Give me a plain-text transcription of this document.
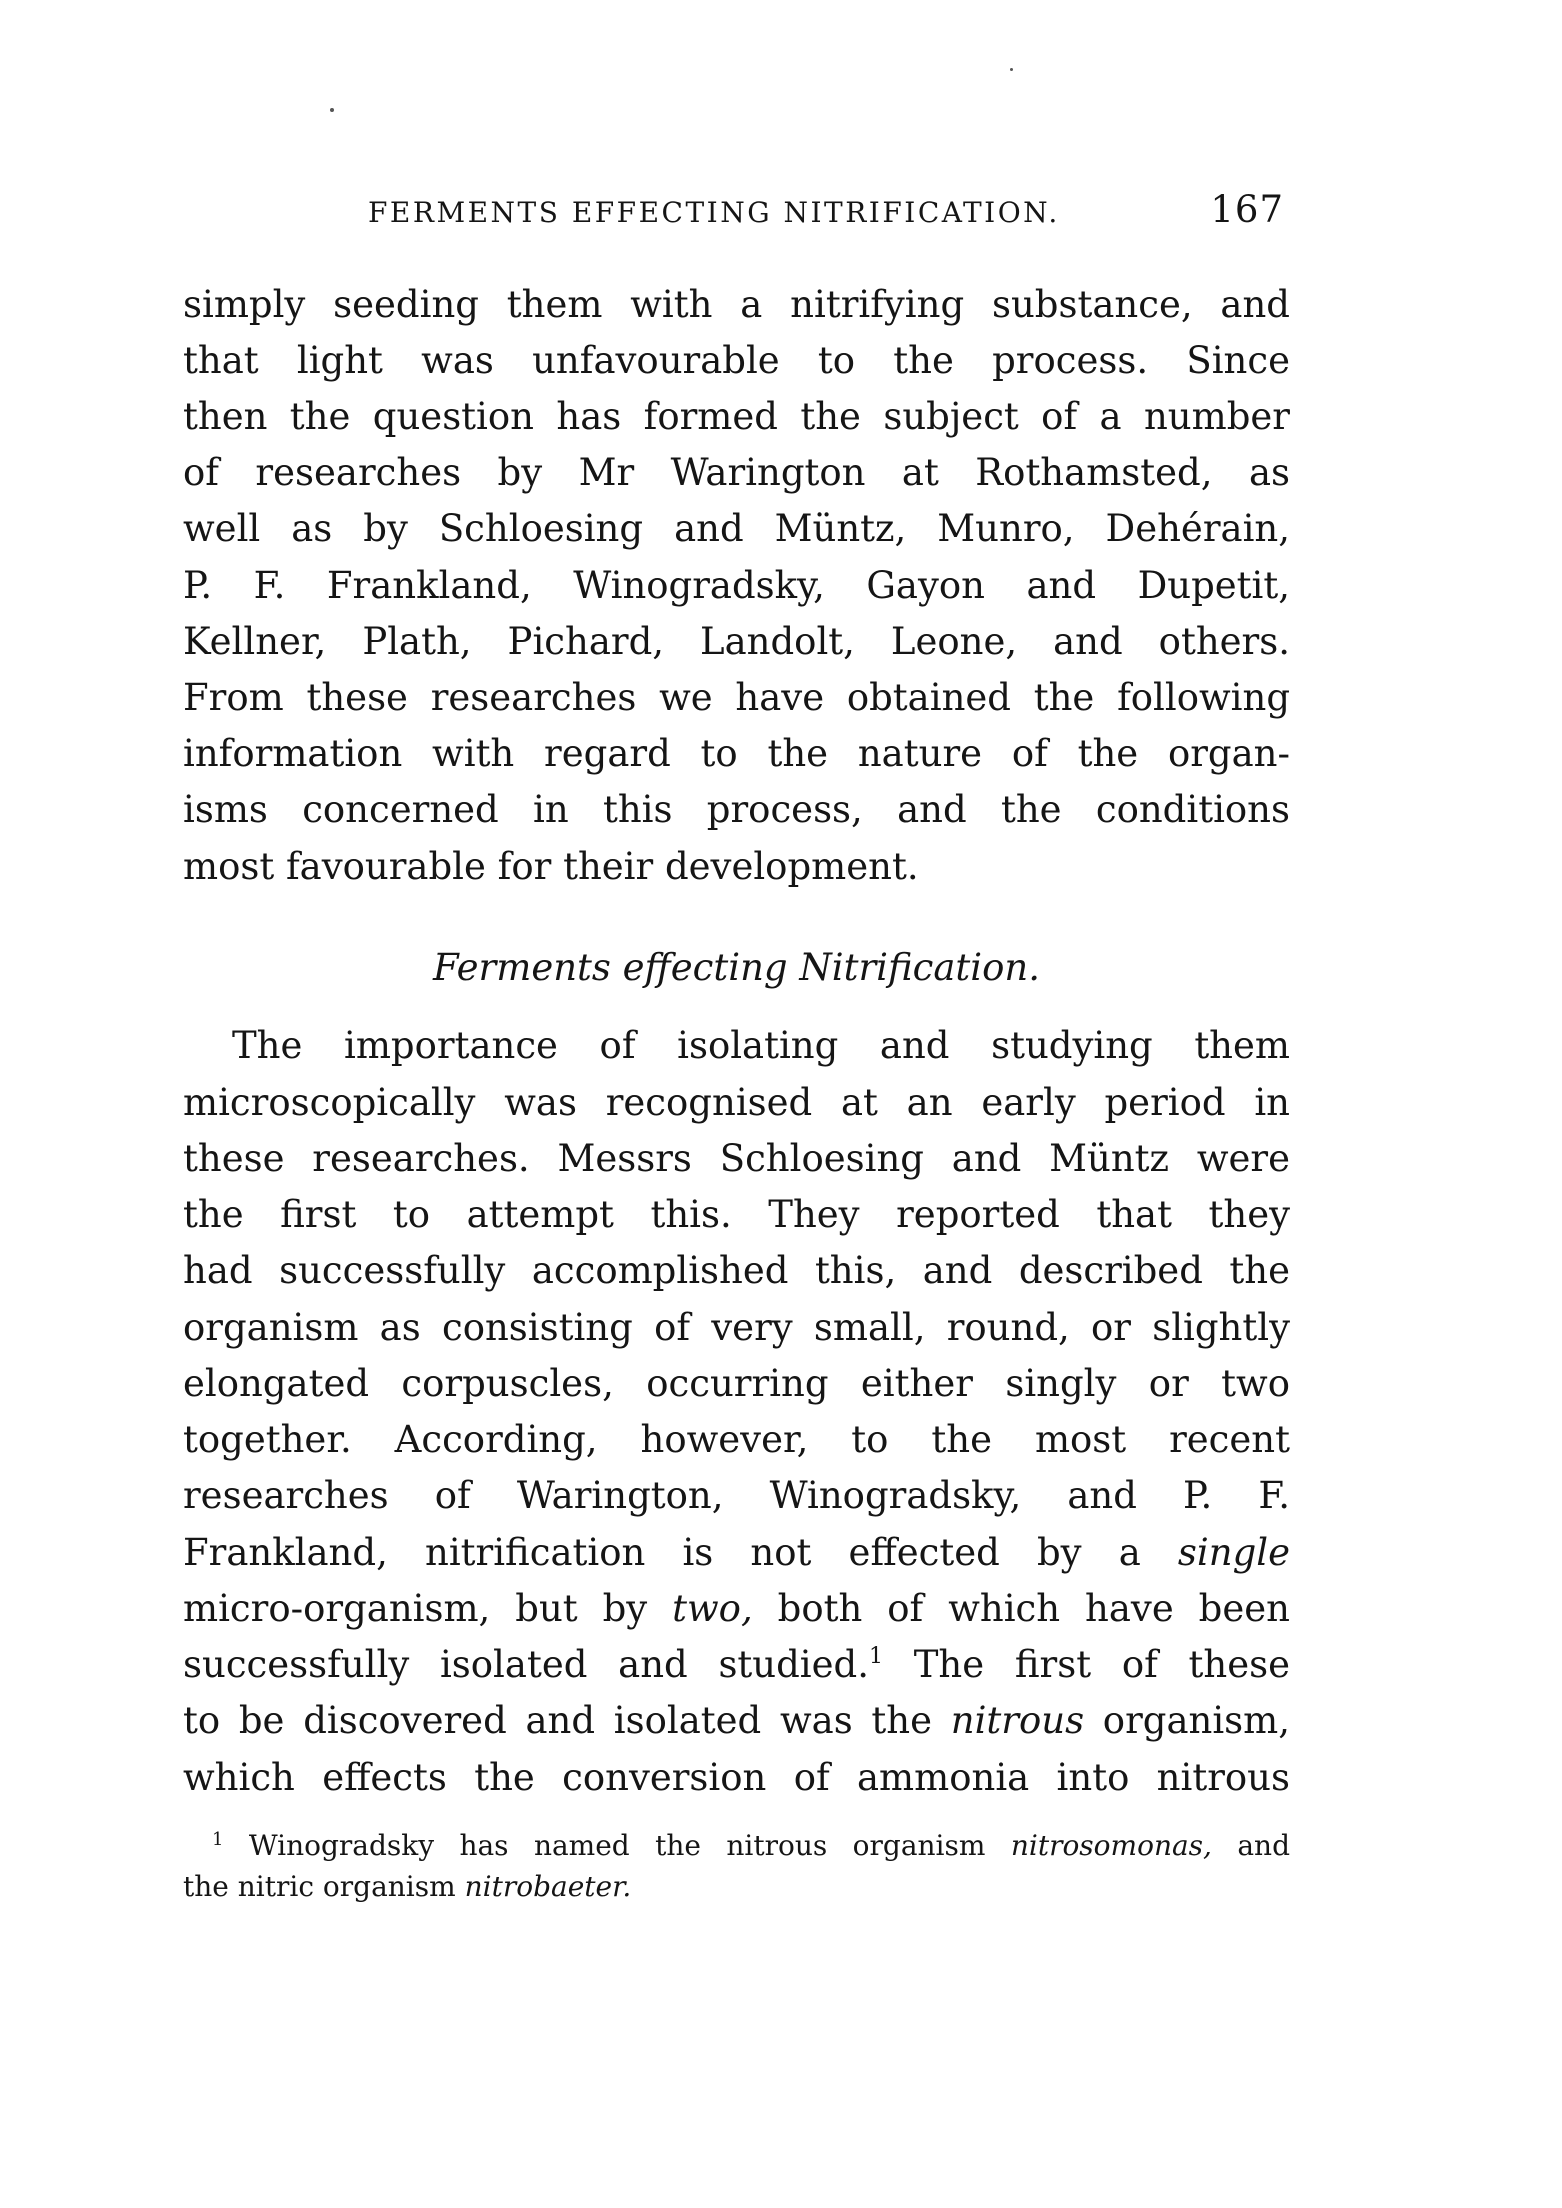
FERMENTS EFFECTING NITRIFICATION.	167
simply seeding them with a nitrifying substance, and
that light was unfavourable to the process. Since
then the question has formed the subject of a number
of researches by Mr Warington at Rothamsted, as
well as by Schloesing and Müntz, Munro, Dehérain,
P. F. Frankland, Winogradsky, Gayon and Dupetit,
Kellner, Plath, Pichard, Landolt, Leone, and others.
From these researches we have obtained the following
information with regard to the nature of the organ-
isms concerned in this process, and the conditions
most favourable for their development.
Ferments effecting Nitrification.
The importance of isolating and studying them
microscopically was recognised at an early period in
these researches. Messrs Schloesing and Müntz were
the first to attempt this. They reported that they
had successfully accomplished this, and described the
organism as consisting of very small, round, or slightly
elongated corpuscles, occurring either singly or two
together. According, however, to the most recent
researches of Warington, Winogradsky, and P. F.
Frankland, nitrification is not effected by a single
micro-organism, but by two, both of which have been
successfully isolated and studied.$^1$ The first of these
to be discovered and isolated was the nitrous organism,
which effects the conversion of ammonia into nitrous
$^1$ Winogradsky has named the nitrous organism nitrosomonas, and
the nitric organism nitrobaeter.
